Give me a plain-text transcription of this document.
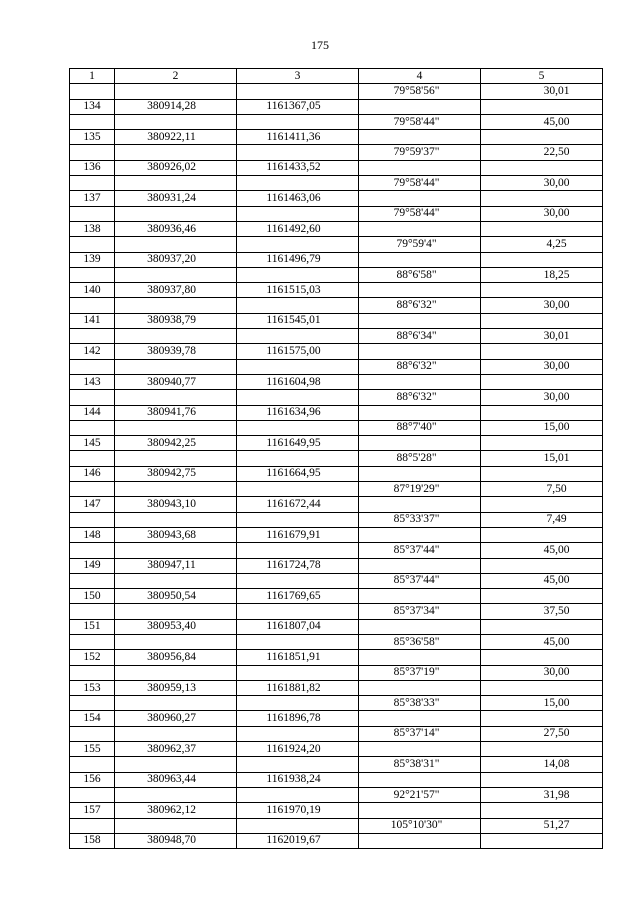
175
1	2	3	4	5
			79°58'56"	30,01
134	380914,28	1161367,05		
			79°58'44"	45,00
135	380922,11	1161411,36		
			79°59'37"	22,50
136	380926,02	1161433,52		
			79°58'44"	30,00
137	380931,24	1161463,06		
			79°58'44"	30,00
138	380936,46	1161492,60		
			79°59'4"	4,25
139	380937,20	1161496,79		
			88°6'58"	18,25
140	380937,80	1161515,03		
			88°6'32"	30,00
141	380938,79	1161545,01		
			88°6'34"	30,01
142	380939,78	1161575,00		
			88°6'32"	30,00
143	380940,77	1161604,98		
			88°6'32"	30,00
144	380941,76	1161634,96		
			88°7'40"	15,00
145	380942,25	1161649,95		
			88°5'28"	15,01
146	380942,75	1161664,95		
			87°19'29"	7,50
147	380943,10	1161672,44		
			85°33'37"	7,49
148	380943,68	1161679,91		
			85°37'44"	45,00
149	380947,11	1161724,78		
			85°37'44"	45,00
150	380950,54	1161769,65		
			85°37'34"	37,50
151	380953,40	1161807,04		
			85°36'58"	45,00
152	380956,84	1161851,91		
			85°37'19"	30,00
153	380959,13	1161881,82		
			85°38'33"	15,00
154	380960,27	1161896,78		
			85°37'14"	27,50
155	380962,37	1161924,20		
			85°38'31"	14,08
156	380963,44	1161938,24		
			92°21'57"	31,98
157	380962,12	1161970,19		
			105°10'30"	51,27
158	380948,70	1162019,67		
